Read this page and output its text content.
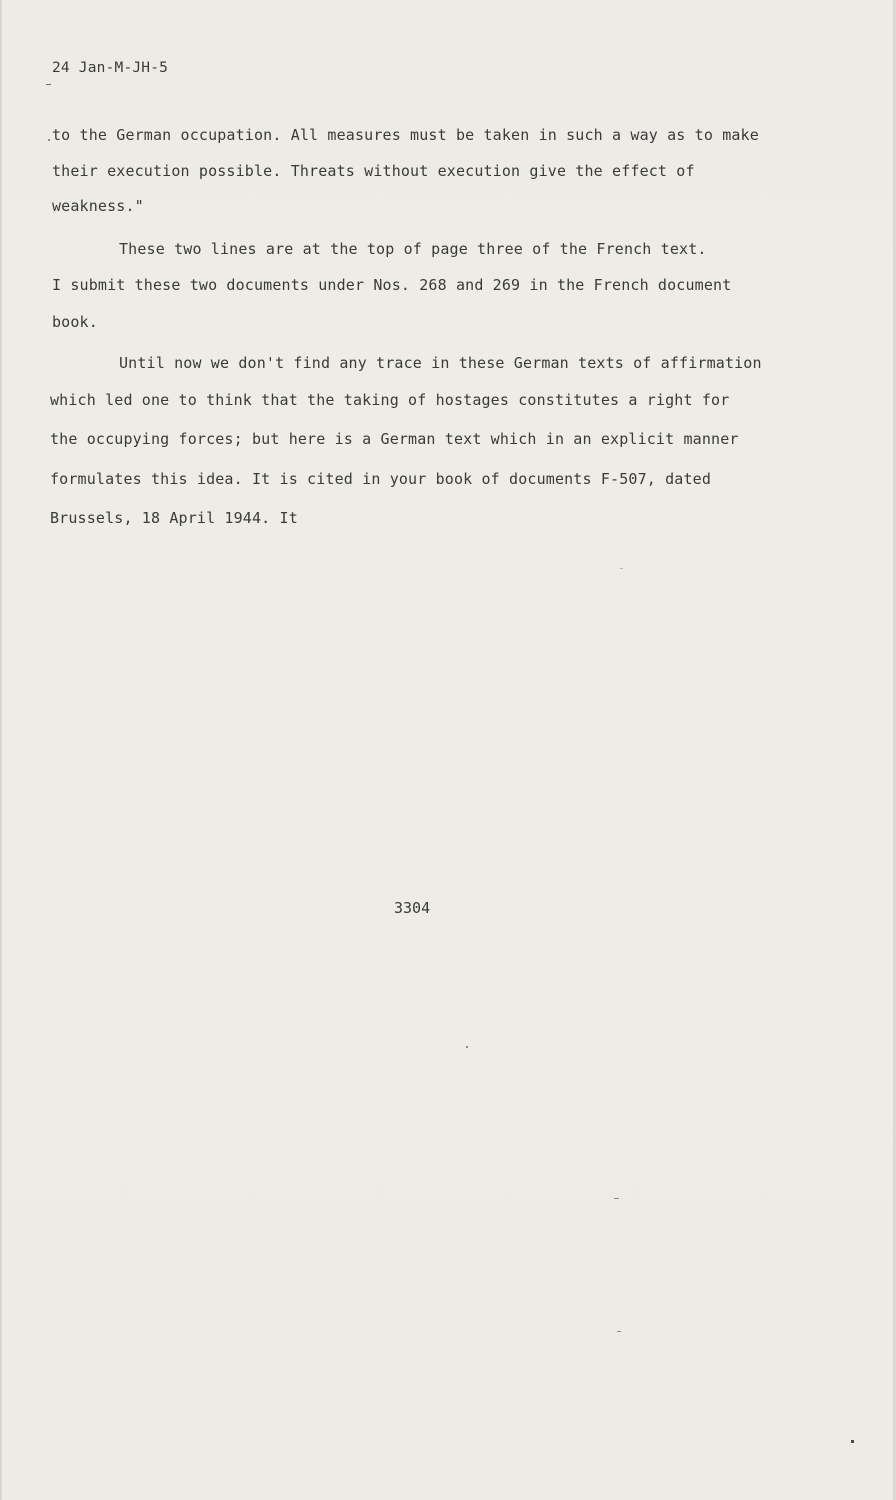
24 Jan-M-JH-5
to the German occupation. All measures must be taken in such a way as to make
their execution possible. Threats without execution give the effect of
weakness."
These two lines are at the top of page three of the French text.
I submit these two documents under Nos. 268 and 269 in the French document
book.
Until now we don't find any trace in these German texts of affirmation
which led one to think that the taking of hostages constitutes a right for
the occupying forces; but here is a German text which in an explicit manner
formulates this idea. It is cited in your book of documents F-507, dated
Brussels, 18 April 1944. It
3304
